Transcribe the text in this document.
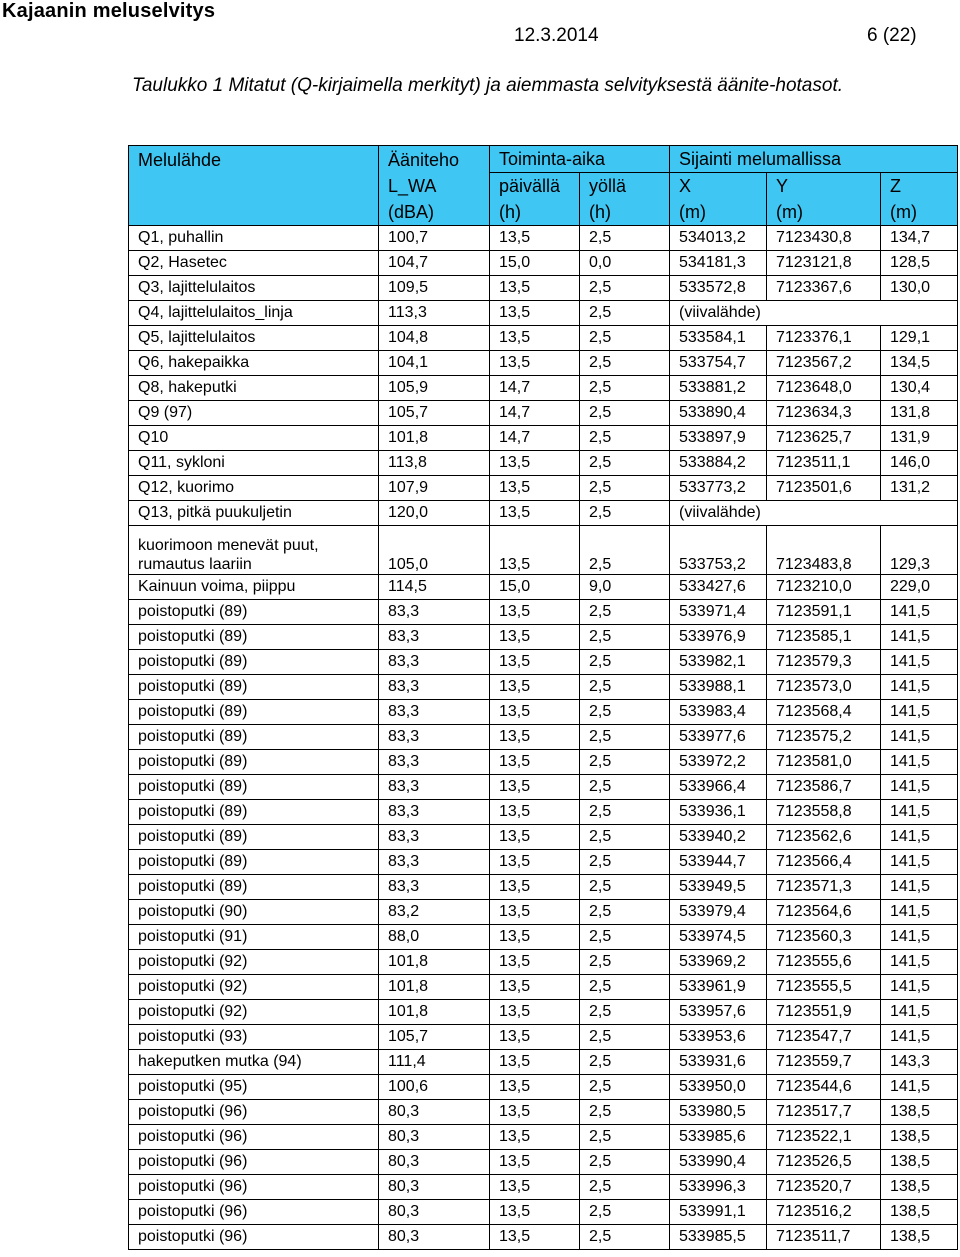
Kajaanin meluselvitys
12.3.2014	6 (22)
Taulukko 1 Mitatut (Q-kirjaimella merkityt) ja aiemmasta selvityksestä äänite-hotasot.
Melulähde	Ääniteho	Toiminta-aika		Sijainti melumallissa		
	L_WA	päivällä	yöllä	X	Y	Z
	(dBA)	(h)	(h)	(m)	(m)	(m)
Q1, puhallin	100,7	13,5	2,5	534013,2	7123430,8	134,7
Q2, Hasetec	104,7	15,0	0,0	534181,3	7123121,8	128,5
Q3, lajittelulaitos	109,5	13,5	2,5	533572,8	7123367,6	130,0
Q4, lajittelulaitos_linja	113,3	13,5	2,5	(viivalähde)		
Q5, lajittelulaitos	104,8	13,5	2,5	533584,1	7123376,1	129,1
Q6, hakepaikka	104,1	13,5	2,5	533754,7	7123567,2	134,5
Q8, hakeputki	105,9	14,7	2,5	533881,2	7123648,0	130,4
Q9 (97)	105,7	14,7	2,5	533890,4	7123634,3	131,8
Q10	101,8	14,7	2,5	533897,9	7123625,7	131,9
Q11, sykloni	113,8	13,5	2,5	533884,2	7123511,1	146,0
Q12, kuorimo	107,9	13,5	2,5	533773,2	7123501,6	131,2
Q13, pitkä puukuljetin	120,0	13,5	2,5	(viivalähde)		
kuorimoon menevät puut,
rumautus laariin	105,0	13,5	2,5	533753,2	7123483,8	129,3
Kainuun voima, piippu	114,5	15,0	9,0	533427,6	7123210,0	229,0
poistoputki (89)	83,3	13,5	2,5	533971,4	7123591,1	141,5
poistoputki (89)	83,3	13,5	2,5	533976,9	7123585,1	141,5
poistoputki (89)	83,3	13,5	2,5	533982,1	7123579,3	141,5
poistoputki (89)	83,3	13,5	2,5	533988,1	7123573,0	141,5
poistoputki (89)	83,3	13,5	2,5	533983,4	7123568,4	141,5
poistoputki (89)	83,3	13,5	2,5	533977,6	7123575,2	141,5
poistoputki (89)	83,3	13,5	2,5	533972,2	7123581,0	141,5
poistoputki (89)	83,3	13,5	2,5	533966,4	7123586,7	141,5
poistoputki (89)	83,3	13,5	2,5	533936,1	7123558,8	141,5
poistoputki (89)	83,3	13,5	2,5	533940,2	7123562,6	141,5
poistoputki (89)	83,3	13,5	2,5	533944,7	7123566,4	141,5
poistoputki (89)	83,3	13,5	2,5	533949,5	7123571,3	141,5
poistoputki (90)	83,2	13,5	2,5	533979,4	7123564,6	141,5
poistoputki (91)	88,0	13,5	2,5	533974,5	7123560,3	141,5
poistoputki (92)	101,8	13,5	2,5	533969,2	7123555,6	141,5
poistoputki (92)	101,8	13,5	2,5	533961,9	7123555,5	141,5
poistoputki (92)	101,8	13,5	2,5	533957,6	7123551,9	141,5
poistoputki (93)	105,7	13,5	2,5	533953,6	7123547,7	141,5
hakeputken mutka (94)	111,4	13,5	2,5	533931,6	7123559,7	143,3
poistoputki (95)	100,6	13,5	2,5	533950,0	7123544,6	141,5
poistoputki (96)	80,3	13,5	2,5	533980,5	7123517,7	138,5
poistoputki (96)	80,3	13,5	2,5	533985,6	7123522,1	138,5
poistoputki (96)	80,3	13,5	2,5	533990,4	7123526,5	138,5
poistoputki (96)	80,3	13,5	2,5	533996,3	7123520,7	138,5
poistoputki (96)	80,3	13,5	2,5	533991,1	7123516,2	138,5
poistoputki (96)	80,3	13,5	2,5	533985,5	7123511,7	138,5
